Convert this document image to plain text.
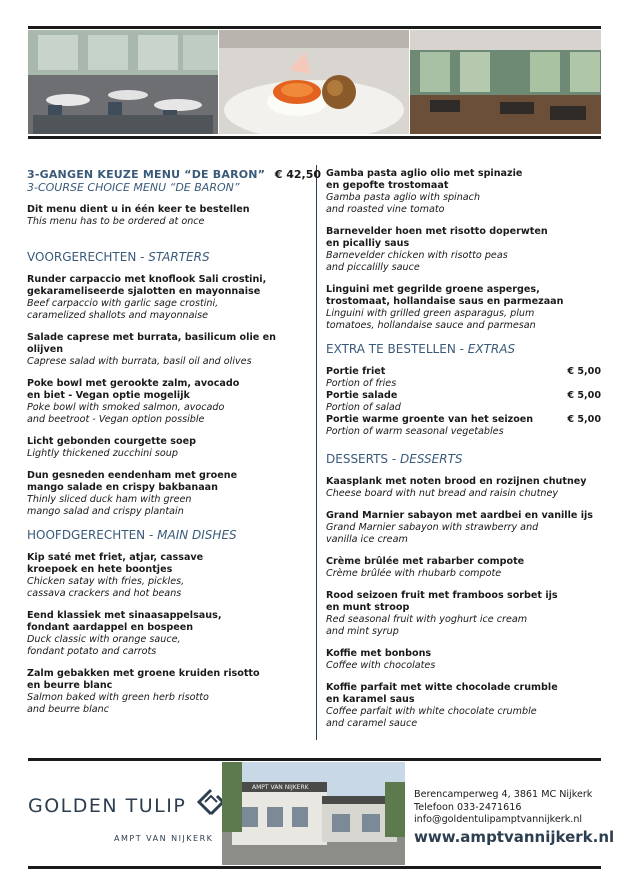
3-GANGEN KEUZE MENU “DE BARON”
3-COURSE CHOICE MENU “DE BARON”
€ 42,50
Dit menu dient u in één keer te bestellen
This menu has to be ordered at once
VOORGERECHTEN - STARTERS
Runder carpaccio met knoflook Sali crostini,
gekarameliseerde sjalotten en mayonnaise
Beef carpaccio with garlic sage crostini,
caramelized shallots and mayonnaise
Salade caprese met burrata, basilicum olie en olijven
Caprese salad with burrata, basil oil and olives
Poke bowl met gerookte zalm, avocado
en biet - Vegan optie mogelijk
Poke bowl with smoked salmon, avocado
and beetroot - Vegan option possible
Licht gebonden courgette soep
Lightly thickened zucchini soup
Dun gesneden eendenham met groene
mango salade en crispy bakbanaan
Thinly sliced duck ham with green
mango salad and crispy plantain
HOOFDGERECHTEN - MAIN DISHES
Kip saté met friet, atjar, cassave
kroepoek en hete boontjes
Chicken satay with fries, pickles,
cassava crackers and hot beans
Eend klassiek met sinaasappelsaus,
fondant aardappel en bospeen
Duck classic with orange sauce,
fondant potato and carrots
Zalm gebakken met groene kruiden risotto
en beurre blanc
Salmon baked with green herb risotto
and beurre blanc
Gamba pasta aglio olio met spinazie
en gepofte trostomaat
Gamba pasta aglio with spinach
and roasted vine tomato
Barnevelder hoen met risotto doperwten
en picalliy saus
Barnevelder chicken with risotto peas
and piccalilly sauce
Linguini met gegrilde groene asperges,
trostomaat, hollandaise saus en parmezaan
Linguini with grilled green asparagus, plum
tomatoes, hollandaise sauce and parmesan
EXTRA TE BESTELLEN - EXTRAS
Portie friet
Portion of fries
€ 5,00
Portie salade
Portion of salad
€ 5,00
Portie warme groente van het seizoen
Portion of warm seasonal vegetables
€ 5,00
DESSERTS - DESSERTS
Kaasplank met noten brood en rozijnen chutney
Cheese board with nut bread and raisin chutney
Grand Marnier sabayon met aardbei en vanille ijs
Grand Marnier sabayon with strawberry and
vanilla ice cream
Crème brûlée met rabarber compote
Crème brûlée with rhubarb compote
Rood seizoen fruit met framboos sorbet ijs
en munt stroop
Red seasonal fruit with yoghurt ice cream
and mint syrup
Koffie met bonbons
Coffee with chocolates
Koffie parfait met witte chocolade crumble
en karamel saus
Coffee parfait with white chocolate crumble
and caramel sauce
GOLDEN TULIP
AMPT VAN NIJKERK
AMPT VAN NIJKERK
Berencamperweg 4, 3861 MC Nijkerk
Telefoon 033-2471616
info@goldentulipamptvannijkerk.nl
www.amptvannijkerk.nl
